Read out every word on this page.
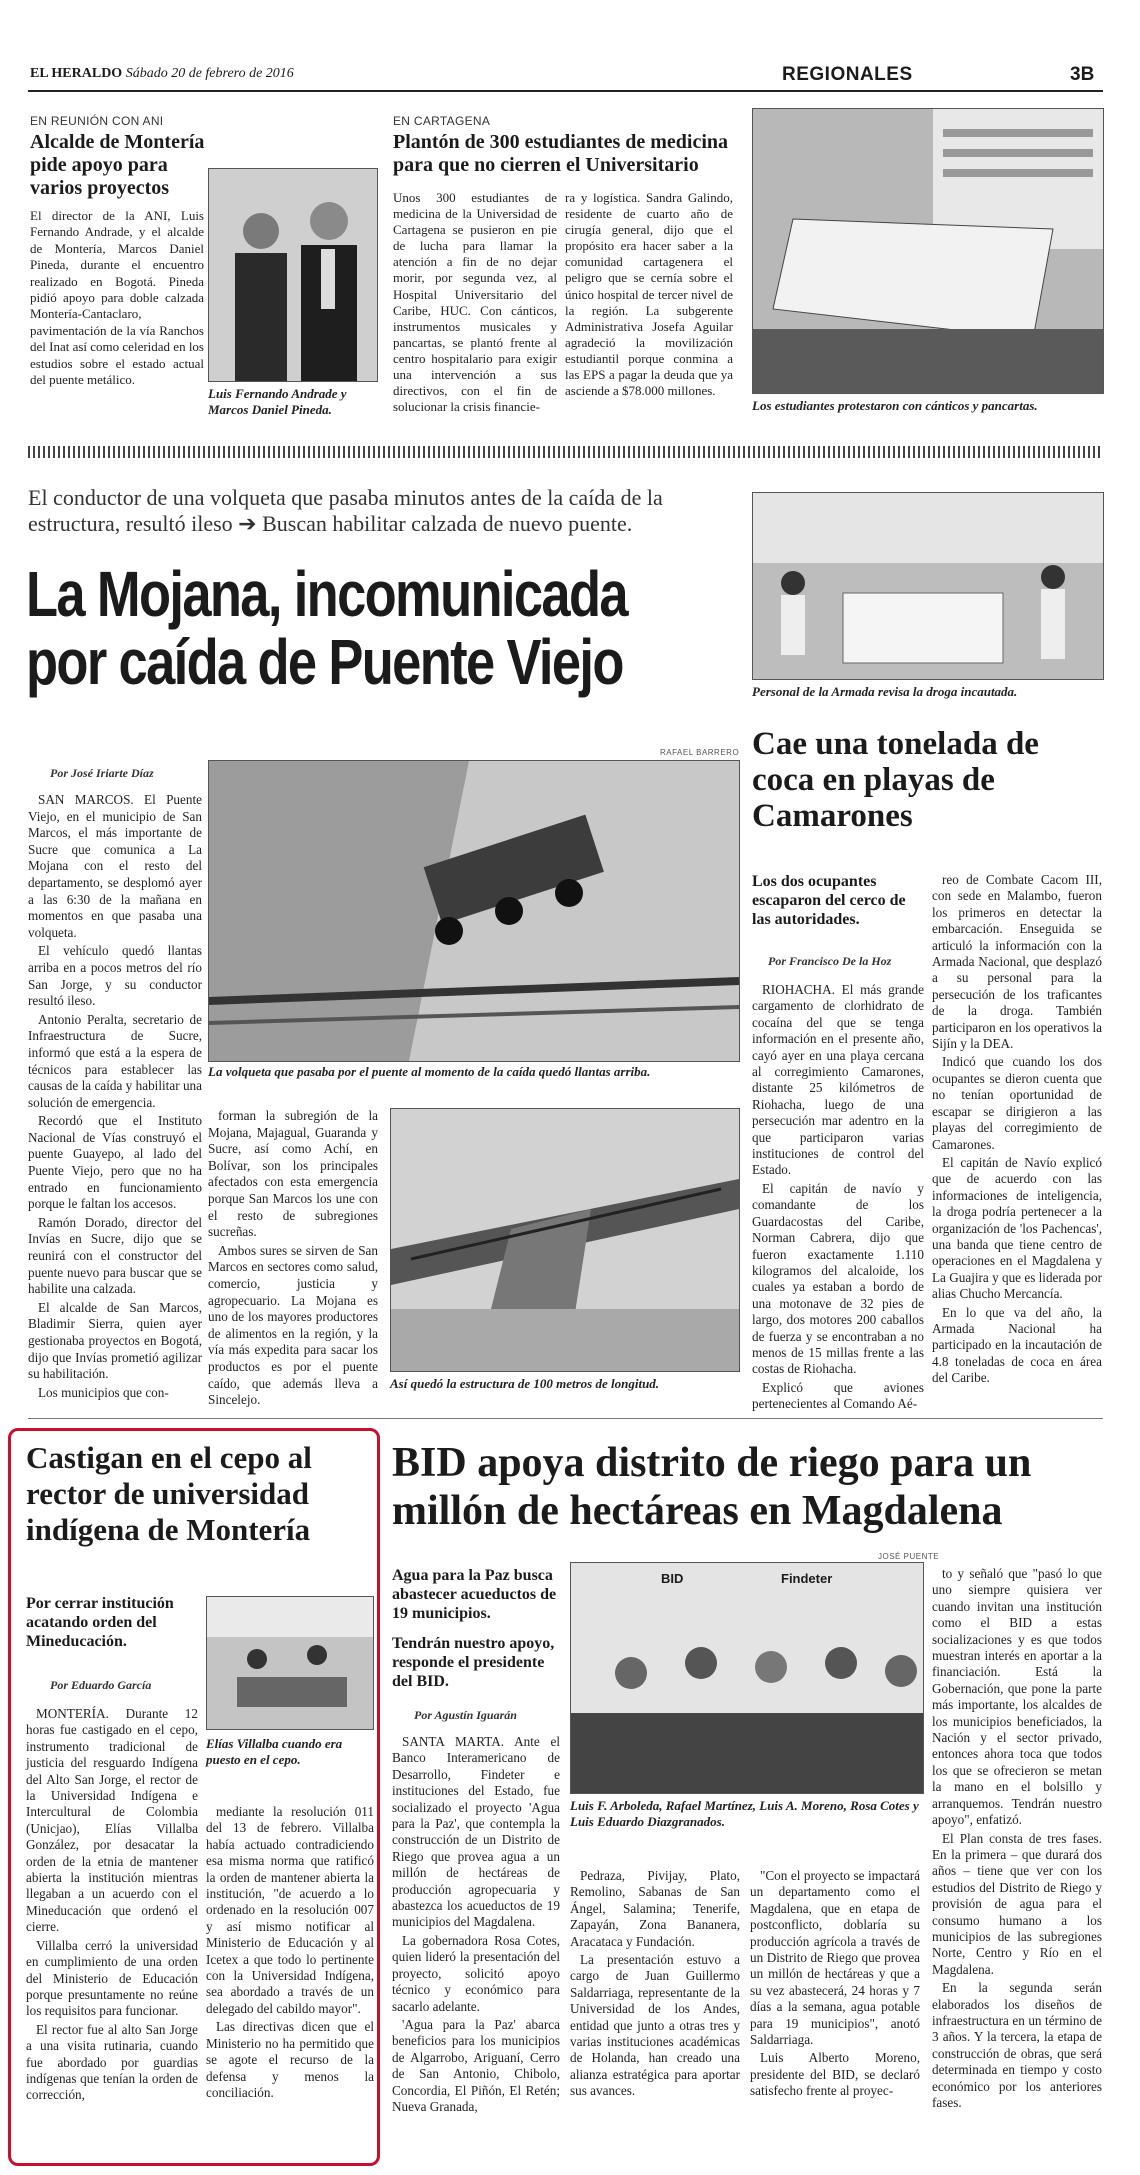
EL HERALDO Sábado 20 de febrero de 2016	REGIONALES	3B
EN REUNIÓN CON ANI
Alcalde de Montería pide apoyo para varios proyectos
El director de la ANI, Luis Fernando Andrade, y el alcalde de Montería, Marcos Daniel Pineda, durante el encuentro realizado en Bogotá. Pineda pidió apoyo para doble calzada Montería-Cantaclaro, pavimentación de la vía Ranchos del Inat así como celeridad en los estudios sobre el estado actual del puente metálico.
Luis Fernando Andrade y Marcos Daniel Pineda.
EN CARTAGENA
Plantón de 300 estudiantes de medicina para que no cierren el Universitario
Unos 300 estudiantes de medicina de la Universidad de Cartagena se pusieron en pie de lucha para llamar la atención a fin de no dejar morir, por segunda vez, al Hospital Universitario del Caribe, HUC. Con cánticos, instrumentos musicales y pancartas, se plantó frente al centro hospitalario para exigir una intervención a sus directivos, con el fin de solucionar la crisis financie-
ra y logística. Sandra Galindo, residente de cuarto año de cirugía general, dijo que el propósito era hacer saber a la comunidad cartagenera el peligro que se cernía sobre el único hospital de tercer nivel de la región. La subgerente Administrativa Josefa Aguilar agradeció la movilización estudiantil porque conmina a las EPS a pagar la deuda que ya asciende a $78.000 millones.
Los estudiantes protestaron con cánticos y pancartas.
El conductor de una volqueta que pasaba minutos antes de la caída de la estructura, resultó ileso ➔ Buscan habilitar calzada de nuevo puente.
La Mojana, incomunicada
por caída de Puente Viejo
RAFAEL BARRERO
Por José Iriarte Díaz
La volqueta que pasaba por el puente al momento de la caída quedó llantas arriba.
Así quedó la estructura de 100 metros de longitud.

SAN MARCOS. El Puente Viejo, en el municipio de San Marcos, el más importante de Sucre que comunica a La Mojana con el resto del departamento, se desplomó ayer a las 6:30 de la mañana en momentos en que pasaba una volqueta.

El vehículo quedó llantas arriba en a pocos metros del río San Jorge, y su conductor resultó ileso.

Antonio Peralta, secretario de Infraestructura de Sucre, informó que está a la espera de técnicos para establecer las causas de la caída y habilitar una solución de emergencia.

Recordó que el Instituto Nacional de Vías construyó el puente Guayepo, al lado del Puente Viejo, pero que no ha entrado en funcionamiento porque le faltan los accesos.

Ramón Dorado, director del Invías en Sucre, dijo que se reunirá con el constructor del puente nuevo para buscar que se habilite una calzada.

El alcalde de San Marcos, Bladimir Sierra, quien ayer gestionaba proyectos en Bogotá, dijo que Invías prometió agilizar su habilitación.

Los municipios que con-

forman la subregión de la Mojana, Majagual, Guaranda y Sucre, así como Achí, en Bolívar, son los principales afectados con esta emergencia porque San Marcos los une con el resto de subregiones sucreñas.

Ambos sures se sirven de San Marcos en sectores como salud, comercio, justicia y agropecuario. La Mojana es uno de los mayores productores de alimentos en la región, y la vía más expedita para sacar los productos es por el puente caído, que además lleva a Sincelejo.

Personal de la Armada revisa la droga incautada.
Cae una tonelada de coca en playas de Camarones
Los dos ocupantes escaparon del cerco de las autoridades.
Por Francisco De la Hoz

RIOHACHA. El más grande cargamento de clorhidrato de cocaína del que se tenga información en el presente año, cayó ayer en una playa cercana al corregimiento Camarones, distante 25 kilómetros de Riohacha, luego de una persecución mar adentro en la que participaron varias instituciones de control del Estado.

El capitán de navío y comandante de los Guardacostas del Caribe, Norman Cabrera, dijo que fueron exactamente 1.110 kilogramos del alcaloide, los cuales ya estaban a bordo de una motonave de 32 pies de largo, dos motores 200 caballos de fuerza y se encontraban a no menos de 15 millas frente a las costas de Riohacha.

Explicó que aviones pertenecientes al Comando Aé-

reo de Combate Cacom III, con sede en Malambo, fueron los primeros en detectar la embarcación. Enseguida se articuló la información con la Armada Nacional, que desplazó a su personal para la persecución de los traficantes de la droga. También participaron en los operativos la Sijín y la DEA.

Indicó que cuando los dos ocupantes se dieron cuenta que no tenían oportunidad de escapar se dirigieron a las playas del corregimiento de Camarones.

El capitán de Navío explicó que de acuerdo con las informaciones de inteligencia, la droga podría pertenecer a la organización de 'los Pachencas', una banda que tiene centro de operaciones en el Magdalena y La Guajira y que es liderada por alias Chucho Mercancía.

En lo que va del año, la Armada Nacional ha participado en la incautación de 4.8 toneladas de coca en área del Caribe.

Castigan en el cepo al rector de universidad indígena de Montería
Por cerrar institución acatando orden del Mineducación.
Por Eduardo García
Elías Villalba cuando era puesto en el cepo.

MONTERÍA. Durante 12 horas fue castigado en el cepo, instrumento tradicional de justicia del resguardo Indígena del Alto San Jorge, el rector de la Universidad Indígena e Intercultural de Colombia (Unicjao), Elías Villalba González, por desacatar la orden de la etnia de mantener abierta la institución mientras llegaban a un acuerdo con el Mineducación que ordenó el cierre.

Villalba cerró la universidad en cumplimiento de una orden del Ministerio de Educación porque presuntamente no reúne los requisitos para funcionar.

El rector fue al alto San Jorge a una visita rutinaria, cuando fue abordado por guardias indígenas que tenían la orden de corrección,

mediante la resolución 011 del 13 de febrero. Villalba había actuado contradiciendo esa misma norma que ratificó la orden de mantener abierta la institución, "de acuerdo a lo ordenado en la resolución 007 y así mismo notificar al Ministerio de Educación y al Icetex a que todo lo pertinente con la Universidad Indígena, sea abordado a través de un delegado del cabildo mayor".

Las directivas dicen que el Ministerio no ha permitido que se agote el recurso de la defensa y menos la conciliación.

BID apoya distrito de riego para un
millón de hectáreas en Magdalena
JOSÉ PUENTE
Agua para la Paz busca abastecer acueductos de 19 municipios.
Tendrán nuestro apoyo, responde el presidente del BID.
Por Agustín Iguarán
BID	Findeter
Luis F. Arboleda, Rafael Martínez, Luis A. Moreno, Rosa Cotes y Luis Eduardo Diazgranados.

SANTA MARTA. Ante el Banco Interamericano de Desarrollo, Findeter e instituciones del Estado, fue socializado el proyecto 'Agua para la Paz', que contempla la construcción de un Distrito de Riego que provea agua a un millón de hectáreas de producción agropecuaria y abastezca los acueductos de 19 municipios del Magdalena.

La gobernadora Rosa Cotes, quien lideró la presentación del proyecto, solicitó apoyo técnico y económico para sacarlo adelante.

'Agua para la Paz' abarca beneficios para los municipios de Algarrobo, Ariguaní, Cerro de San Antonio, Chibolo, Concordia, El Piñón, El Retén; Nueva Granada,

Pedraza, Pivijay, Plato, Remolino, Sabanas de San Ángel, Salamina; Tenerife, Zapayán, Zona Bananera, Aracataca y Fundación.

La presentación estuvo a cargo de Juan Guillermo Saldarriaga, representante de la Universidad de los Andes, entidad que junto a otras tres y varias instituciones académicas de Holanda, han creado una alianza estratégica para aportar sus avances.

"Con el proyecto se impactará un departamento como el Magdalena, que en etapa de postconflicto, doblaría su producción agrícola a través de un Distrito de Riego que provea un millón de hectáreas y que a su vez abastecerá, 24 horas y 7 días a la semana, agua potable para 19 municipios", anotó Saldarriaga.

Luis Alberto Moreno, presidente del BID, se declaró satisfecho frente al proyec-

to y señaló que "pasó lo que uno siempre quisiera ver cuando invitan una institución como el BID a estas socializaciones y es que todos muestran interés en aportar a la financiación. Está la Gobernación, que pone la parte más importante, los alcaldes de los municipios beneficiados, la Nación y el sector privado, entonces ahora toca que todos los que se ofrecieron se metan la mano en el bolsillo y arranquemos. Tendrán nuestro apoyo", enfatizó.

El Plan consta de tres fases. En la primera – que durará dos años – tiene que ver con los estudios del Distrito de Riego y provisión de agua para el consumo humano a los municipios de las subregiones Norte, Centro y Río en el Magdalena.

En la segunda serán elaborados los diseños de infraestructura en un término de 3 años. Y la tercera, la etapa de construcción de obras, que será determinada en tiempo y costo económico por los anteriores fases.
